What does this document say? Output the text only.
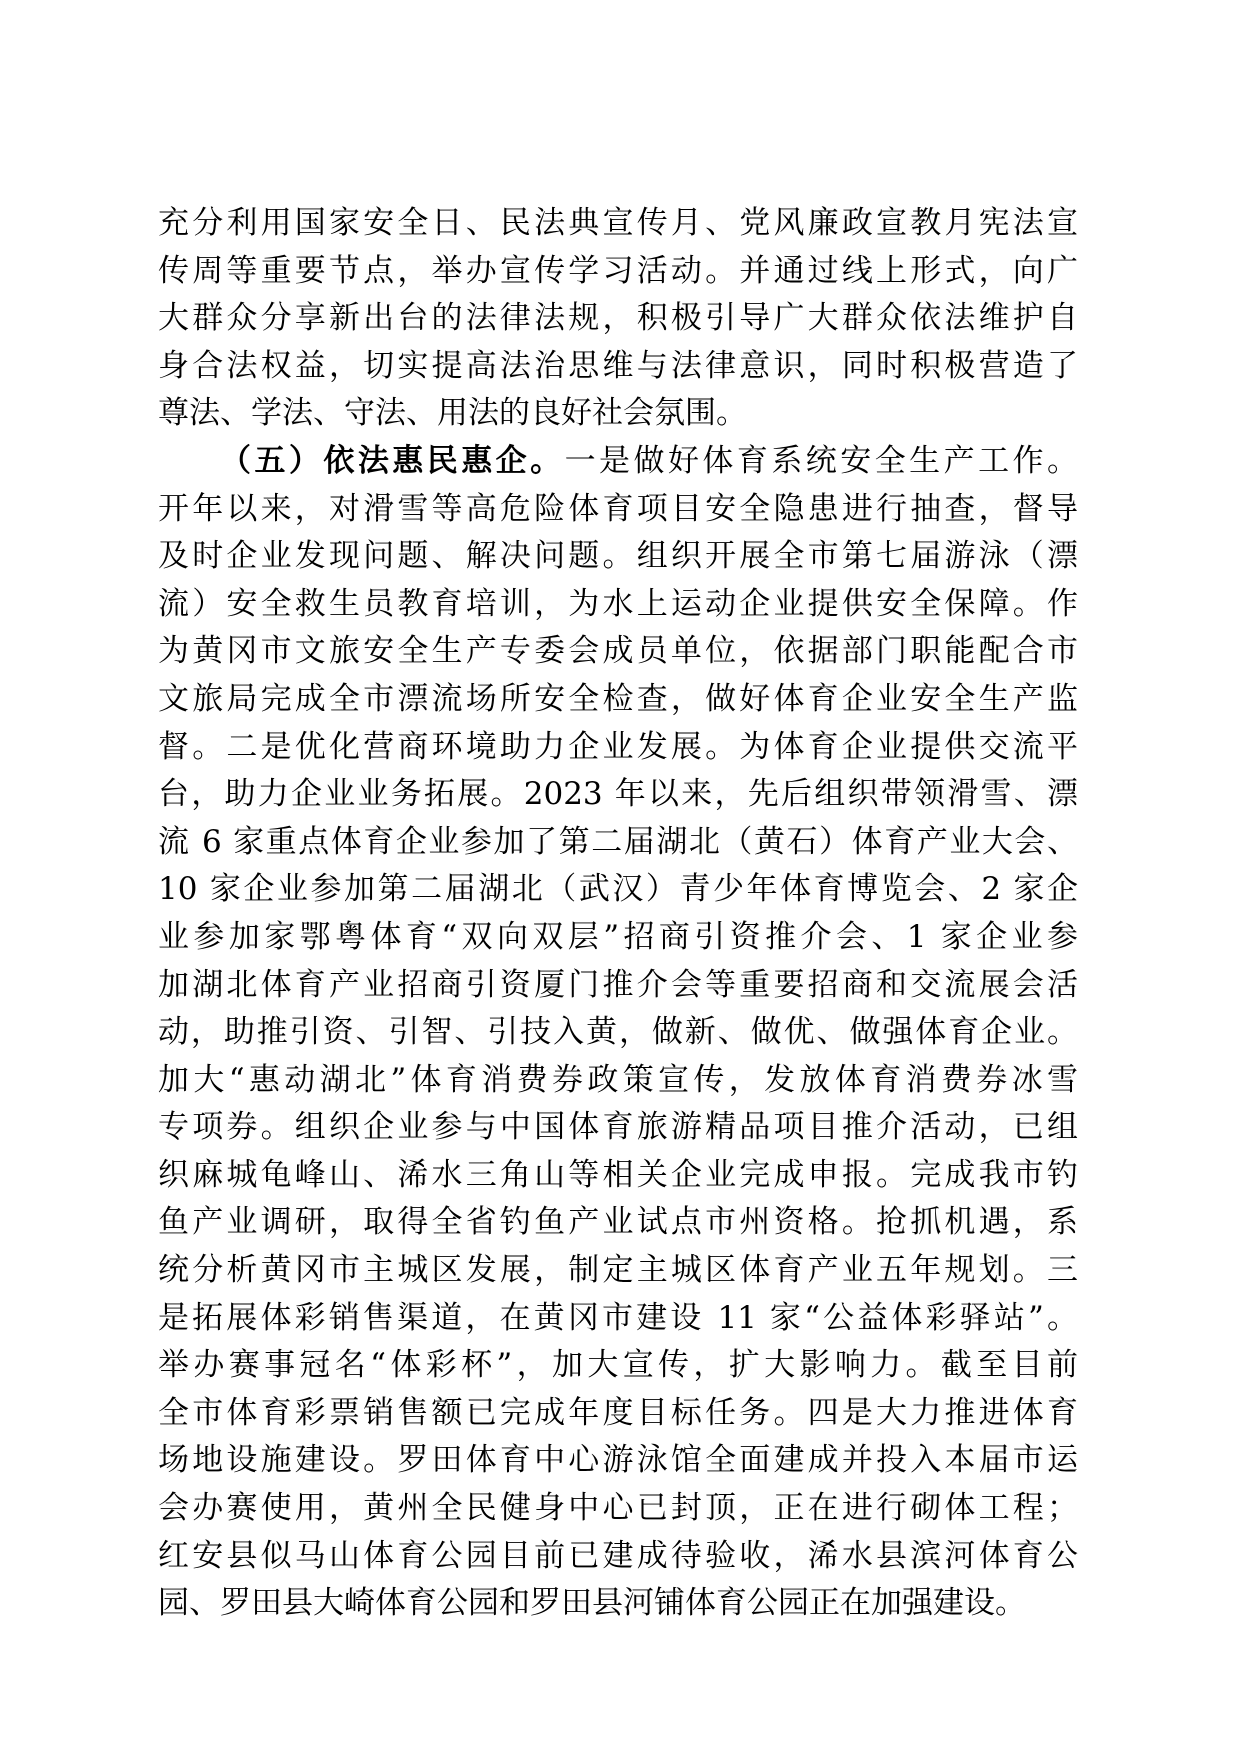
充分利用国家安全日、民法典宣传月、党风廉政宣教月宪法宣
传周等重要节点，举办宣传学习活动。并通过线上形式，向广
大群众分享新出台的法律法规，积极引导广大群众依法维护自
身合法权益，切实提高法治思维与法律意识，同时积极营造了
尊法、学法、守法、用法的良好社会氛围。
（五）依法惠民惠企。一是做好体育系统安全生产工作。
开年以来，对滑雪等高危险体育项目安全隐患进行抽查，督导
及时企业发现问题、解决问题。组织开展全市第七届游泳（漂
流）安全救生员教育培训，为水上运动企业提供安全保障。作
为黄冈市文旅安全生产专委会成员单位，依据部门职能配合市
文旅局完成全市漂流场所安全检查，做好体育企业安全生产监
督。二是优化营商环境助力企业发展。为体育企业提供交流平
台，助力企业业务拓展。2023 年以来，先后组织带领滑雪、漂
流 6 家重点体育企业参加了第二届湖北（黄石）体育产业大会、
10 家企业参加第二届湖北（武汉）青少年体育博览会、2 家企
业参加家鄂粤体育“双向双层”招商引资推介会、1 家企业参
加湖北体育产业招商引资厦门推介会等重要招商和交流展会活
动，助推引资、引智、引技入黄，做新、做优、做强体育企业。
加大“惠动湖北”体育消费券政策宣传，发放体育消费券冰雪
专项券。组织企业参与中国体育旅游精品项目推介活动，已组
织麻城龟峰山、浠水三角山等相关企业完成申报。完成我市钓
鱼产业调研，取得全省钓鱼产业试点市州资格。抢抓机遇，系
统分析黄冈市主城区发展，制定主城区体育产业五年规划。三
是拓展体彩销售渠道，在黄冈市建设 11 家“公益体彩驿站”。
举办赛事冠名“体彩杯”，加大宣传，扩大影响力。截至目前
全市体育彩票销售额已完成年度目标任务。四是大力推进体育
场地设施建设。罗田体育中心游泳馆全面建成并投入本届市运
会办赛使用，黄州全民健身中心已封顶，正在进行砌体工程；
红安县似马山体育公园目前已建成待验收，浠水县滨河体育公
园、罗田县大崎体育公园和罗田县河铺体育公园正在加强建设。
